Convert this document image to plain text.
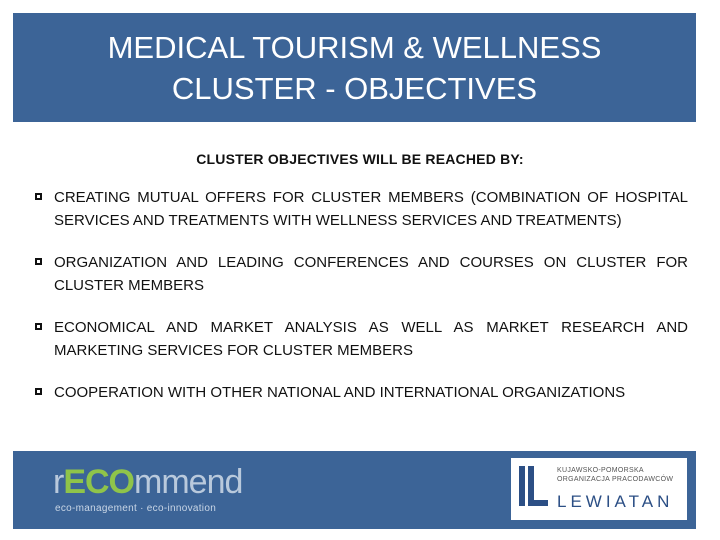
MEDICAL TOURISM & WELLNESS
CLUSTER - OBJECTIVES
CLUSTER OBJECTIVES WILL BE REACHED BY:
CREATING MUTUAL OFFERS FOR CLUSTER MEMBERS (COMBINATION OF HOSPITAL SERVICES AND TREATMENTS WITH WELLNESS SERVICES AND TREATMENTS)
ORGANIZATION AND LEADING CONFERENCES AND COURSES ON CLUSTER FOR CLUSTER MEMBERS
ECONOMICAL AND MARKET ANALYSIS AS WELL AS MARKET RESEARCH AND MARKETING SERVICES FOR CLUSTER MEMBERS
COOPERATION WITH OTHER NATIONAL AND INTERNATIONAL ORGANIZATIONS
rECOmmend
eco-management · eco-innovation
KUJAWSKO-POMORSKA
ORGANIZACJA PRACODAWCÓW
LEWIATAN
